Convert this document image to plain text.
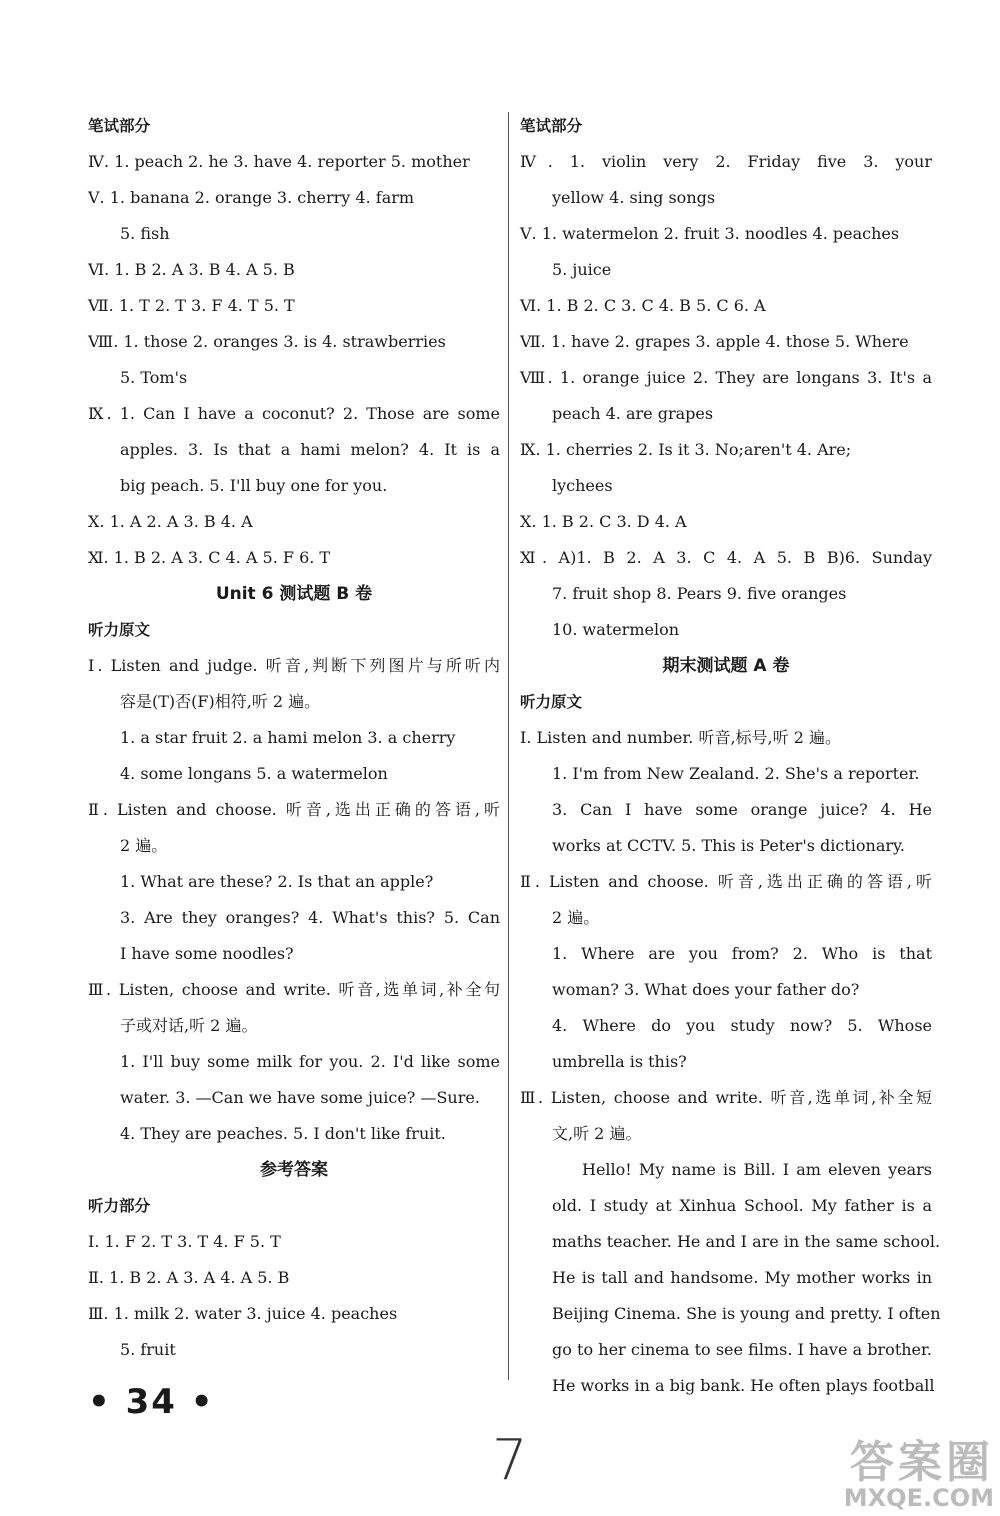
笔试部分
Ⅳ. 1. peach 2. he 3. have 4. reporter 5. mother
Ⅴ. 1. banana 2. orange 3. cherry 4. farm
5. fish
Ⅵ. 1. B 2. A 3. B 4. A 5. B
Ⅶ. 1. T 2. T 3. F 4. T 5. T
Ⅷ. 1. those 2. oranges 3. is 4. strawberries
5. Tom's
Ⅸ. 1. Can I have a coconut? 2. Those are some
apples. 3. Is that a hami melon? 4. It is a
big peach. 5. I'll buy one for you.
Ⅹ. 1. A 2. A 3. B 4. A
Ⅺ. 1. B 2. A 3. C 4. A 5. F 6. T
Unit 6 测试题 B 卷
听力原文
Ⅰ. Listen and judge. 听音,判断下列图片与所听内
容是(T)否(F)相符,听 2 遍。
1. a star fruit 2. a hami melon 3. a cherry
4. some longans 5. a watermelon
Ⅱ. Listen and choose. 听音,选出正确的答语,听
2 遍。
1. What are these? 2. Is that an apple?
3. Are they oranges? 4. What's this? 5. Can
I have some noodles?
Ⅲ. Listen, choose and write. 听音,选单词,补全句
子或对话,听 2 遍。
1. I'll buy some milk for you. 2. I'd like some
water. 3. —Can we have some juice? —Sure.
4. They are peaches. 5. I don't like fruit.
参考答案
听力部分
Ⅰ. 1. F 2. T 3. T 4. F 5. T
Ⅱ. 1. B 2. A 3. A 4. A 5. B
Ⅲ. 1. milk 2. water 3. juice 4. peaches
5. fruit
笔试部分
Ⅳ. 1. violin very 2. Friday five 3. your
yellow 4. sing songs
Ⅴ. 1. watermelon 2. fruit 3. noodles 4. peaches
5. juice
Ⅵ. 1. B 2. C 3. C 4. B 5. C 6. A
Ⅶ. 1. have 2. grapes 3. apple 4. those 5. Where
Ⅷ. 1. orange juice 2. They are longans 3. It's a
peach 4. are grapes
Ⅸ. 1. cherries 2. Is it 3. No;aren't 4. Are;
lychees
Ⅹ. 1. B 2. C 3. D 4. A
Ⅺ. A)1. B 2. A 3. C 4. A 5. B B)6. Sunday
7. fruit shop 8. Pears 9. five oranges
10. watermelon
期末测试题 A 卷
听力原文
Ⅰ. Listen and number. 听音,标号,听 2 遍。
1. I'm from New Zealand. 2. She's a reporter.
3. Can I have some orange juice? 4. He
works at CCTV. 5. This is Peter's dictionary.
Ⅱ. Listen and choose. 听音,选出正确的答语,听
2 遍。
1. Where are you from? 2. Who is that
woman? 3. What does your father do?
4. Where do you study now? 5. Whose
umbrella is this?
Ⅲ. Listen, choose and write. 听音,选单词,补全短
文,听 2 遍。
Hello! My name is Bill. I am eleven years
old. I study at Xinhua School. My father is a
maths teacher. He and I are in the same school.
He is tall and handsome. My mother works in
Beijing Cinema. She is young and pretty. I often
go to her cinema to see films. I have a brother.
He works in a big bank. He often plays football
• 34 •
7	答案圈
MXQE.COM
